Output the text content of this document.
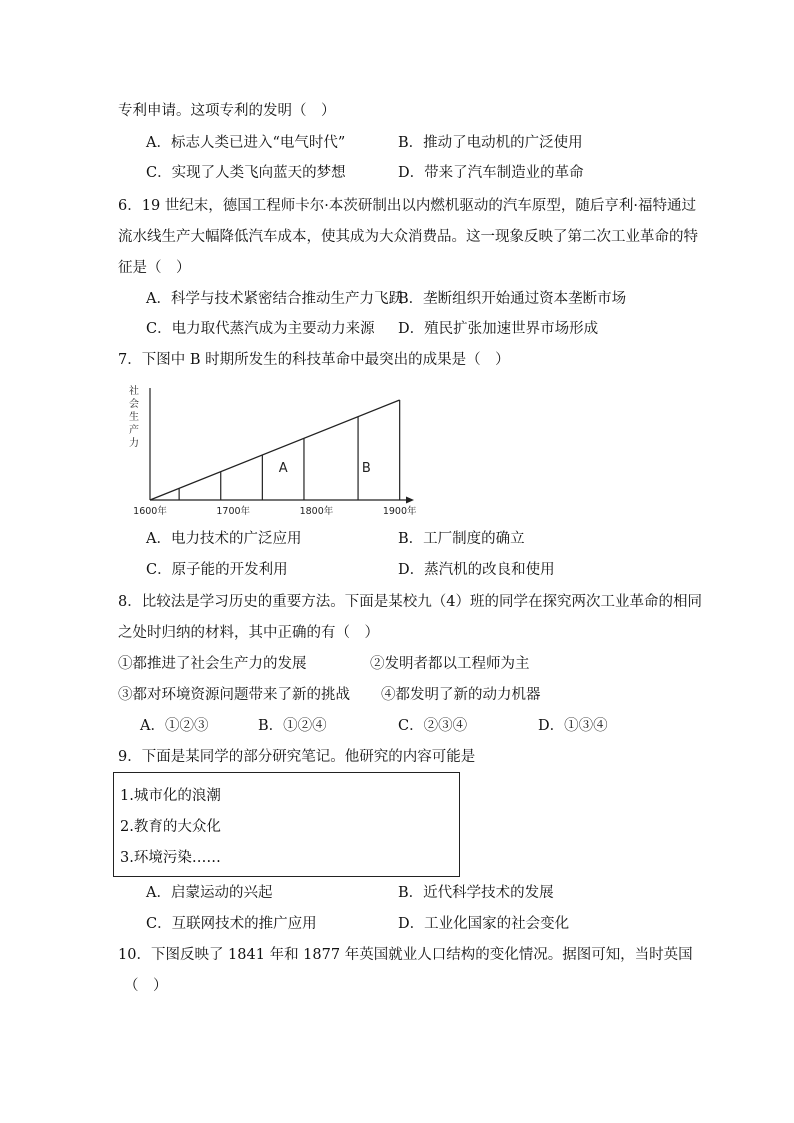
专利申请。这项专利的发明（　）
A．标志人类已进入“电气时代”	B．推动了电动机的广泛使用
C．实现了人类飞向蓝天的梦想	D．带来了汽车制造业的革命
6．19 世纪末，德国工程师卡尔·本茨研制出以内燃机驱动的汽车原型，随后亨利·福特通过
流水线生产大幅降低汽车成本，使其成为大众消费品。这一现象反映了第二次工业革命的特
征是（　）
A．科学与技术紧密结合推动生产力飞跃
B．垄断组织开始通过资本垄断市场
C．电力取代蒸汽成为主要动力来源 D．殖民扩张加速世界市场形成
7．下图中 B 时期所发生的科技革命中最突出的成果是（　）
社会生产力
A	B
1600年	1700年	1800年	1900年
A．电力技术的广泛应用	B．工厂制度的确立
C．原子能的开发利用	D．蒸汽机的改良和使用
8．比较法是学习历史的重要方法。下面是某校九（4）班的同学在探究两次工业革命的相同
之处时归纳的材料，其中正确的有（　）
①都推进了社会生产力的发展	②发明者都以工程师为主
③都对环境资源问题带来了新的挑战 ④都发明了新的动力机器
A．①②③	B．①②④	C．②③④	D．①③④
9．下面是某同学的部分研究笔记。他研究的内容可能是
1.城市化的浪潮
2.教育的大众化
3.环境污染……
A．启蒙运动的兴起	B．近代科学技术的发展
C．互联网技术的推广应用	D．工业化国家的社会变化
10．下图反映了 1841 年和 1877 年英国就业人口结构的变化情况。据图可知，当时英国
（　）
